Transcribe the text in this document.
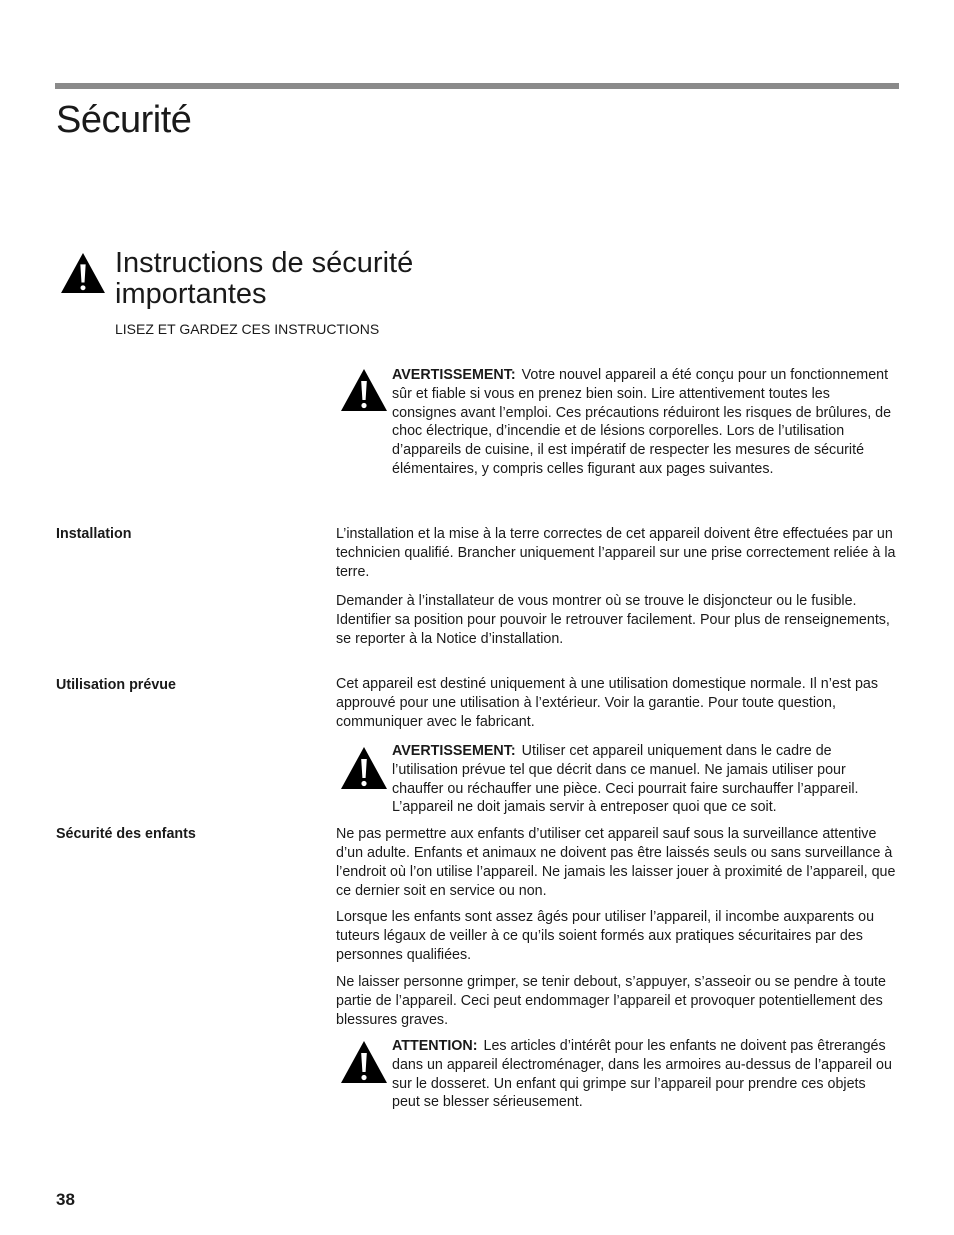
Sécurité
Instructions de sécurité importantes
LISEZ ET GARDEZ CES INSTRUCTIONS
AVERTISSEMENT: Votre nouvel appareil a été conçu pour un fonctionnement sûr et fiable si vous en prenez bien soin. Lire attentivement toutes les consignes avant l’emploi. Ces précautions réduiront les risques de brûlures, de choc électrique, d’incendie et de lésions corporelles. Lors de l’utilisation d’appareils de cuisine, il est impératif de respecter les mesures de sécurité élémentaires, y compris celles figurant aux pages suivantes.
Installation	L’installation et la mise à la terre correctes de cet appareil doivent être effectuées par un technicien qualifié. Brancher uniquement l’appareil sur une prise correctement reliée à la terre.
Demander à l’installateur de vous montrer où se trouve le disjoncteur ou le fusible. Identifier sa position pour pouvoir le retrouver facilement. Pour plus de renseignements, se reporter à la Notice d’installation.
Utilisation prévue	Cet appareil est destiné uniquement à une utilisation domestique normale. Il n’est pas approuvé pour une utilisation à l’extérieur. Voir la garantie. Pour toute question, communiquer avec le fabricant.
AVERTISSEMENT: Utiliser cet appareil uniquement dans le cadre de l’utilisation prévue tel que décrit dans ce manuel. Ne jamais utiliser pour chauffer ou réchauffer une pièce. Ceci pourrait faire surchauffer l’appareil. L’appareil ne doit jamais servir à entreposer quoi que ce soit.
Sécurité des enfants	Ne pas permettre aux enfants d’utiliser cet appareil sauf sous la surveillance attentive d’un adulte. Enfants et animaux ne doivent pas être laissés seuls ou sans surveillance à l’endroit où l’on utilise l’appareil. Ne jamais les laisser jouer à proximité de l’appareil, que ce dernier soit en service ou non.
Lorsque les enfants sont assez âgés pour utiliser l’appareil, il incombe auxparents ou tuteurs légaux de veiller à ce qu’ils soient formés aux pratiques sécuritaires par des personnes qualifiées.
Ne laisser personne grimper, se tenir debout, s’appuyer, s’asseoir ou se pendre à toute partie de l’appareil. Ceci peut endommager l’appareil et provoquer potentiellement des blessures graves.
ATTENTION: Les articles d’intérêt pour les enfants ne doivent pas êtrerangés dans un appareil électroménager, dans les armoires au-dessus de l’appareil ou sur le dosseret. Un enfant qui grimpe sur l’appareil pour prendre ces objets peut se blesser sérieusement.
38
